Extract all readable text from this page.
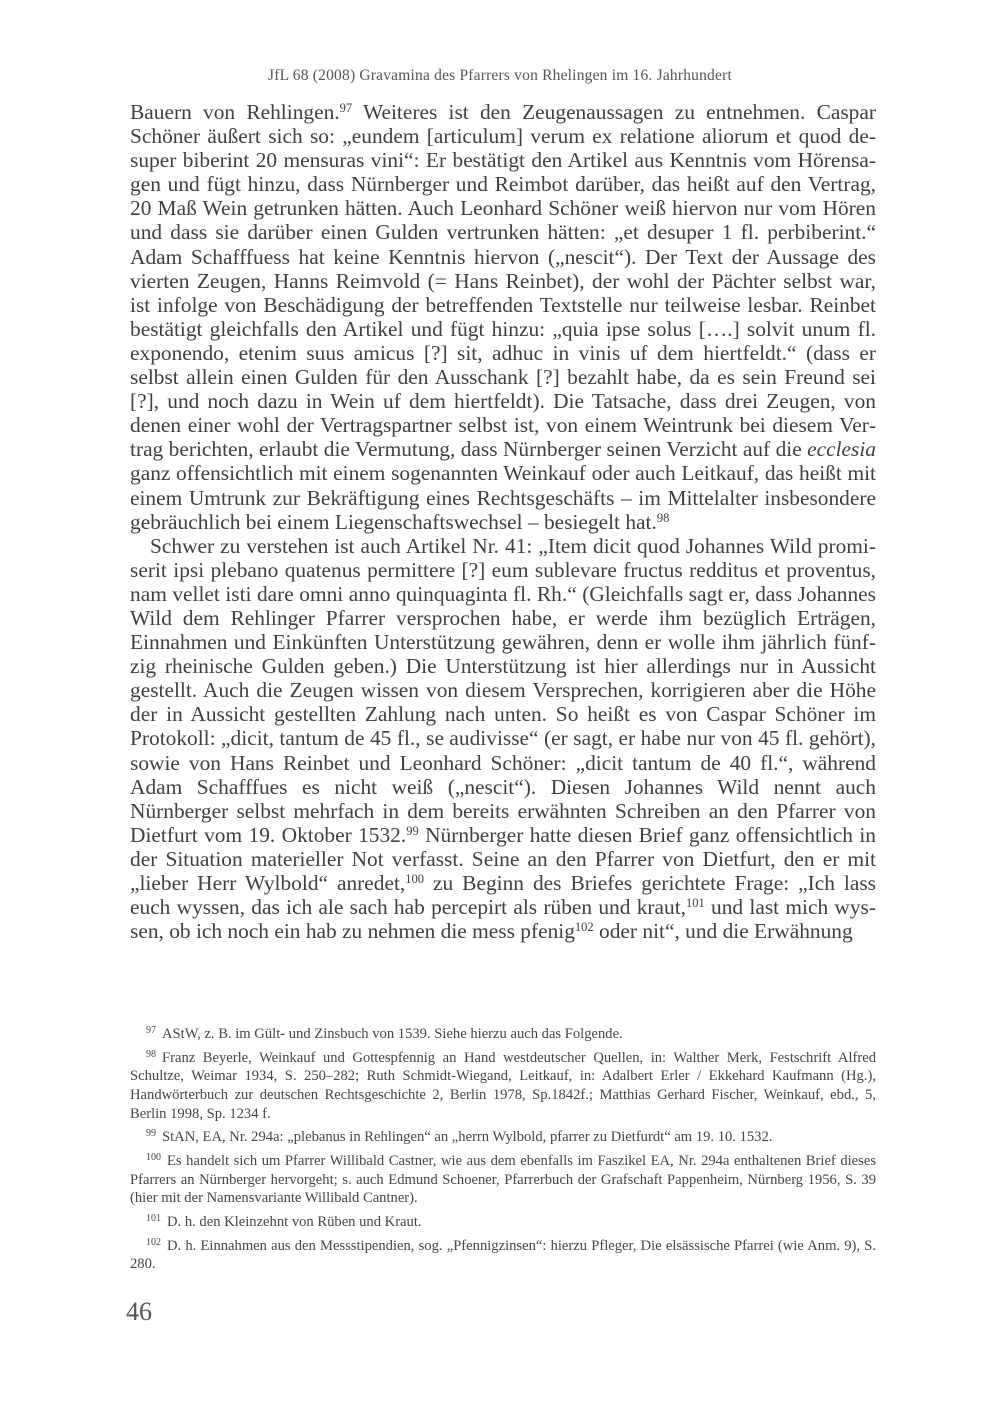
JfL 68 (2008) Gravamina des Pfarrers von Rhelingen im 16. Jahrhundert

Bauern von Rehlingen.$^{97}$ Weiteres ist den Zeugenaussagen zu entnehmen. Caspar Schöner äußert sich so: „eundem [articulum] verum ex relatione aliorum et quod desuper biberint 20 mensuras vini“: Er bestätigt den Artikel aus Kenntnis vom Hörensagen und fügt hinzu, dass Nürnberger und Reimbot darüber, das heißt auf den Vertrag, 20 Maß Wein getrunken hätten. Auch Leonhard Schöner weiß hiervon nur vom Hören und dass sie darüber einen Gulden vertrunken hätten: „et desuper 1 fl. perbiberint.“ Adam Schafffuess hat keine Kenntnis hiervon („nescit“). Der Text der Aussage des vierten Zeugen, Hanns Reimvold (= Hans Reinbet), der wohl der Pächter selbst war, ist infolge von Beschädigung der betreffenden Textstelle nur teilweise lesbar. Reinbet bestätigt gleichfalls den Artikel und fügt hinzu: „quia ipse solus [….] solvit unum fl. exponendo, etenim suus amicus [?] sit, adhuc in vinis uf dem hiertfeldt.“ (dass er selbst allein einen Gulden für den Ausschank [?] bezahlt habe, da es sein Freund sei [?], und noch dazu in Wein uf dem hiertfeldt). Die Tatsache, dass drei Zeugen, von denen einer wohl der Vertragspartner selbst ist, von einem Weintrunk bei diesem Vertrag berichten, erlaubt die Vermutung, dass Nürnberger seinen Verzicht auf die ecclesia ganz offensichtlich mit einem sogenannten Weinkauf oder auch Leitkauf, das heißt mit einem Umtrunk zur Bekräftigung eines Rechtsgeschäfts – im Mittelalter insbesondere gebräuchlich bei einem Liegenschaftswechsel – besiegelt hat.$^{98}$

Schwer zu verstehen ist auch Artikel Nr. 41: „Item dicit quod Johannes Wild promiserit ipsi plebano quatenus permittere [?] eum sublevare fructus redditus et proventus, nam vellet isti dare omni anno quinquaginta fl. Rh.“ (Gleichfalls sagt er, dass Johannes Wild dem Rehlinger Pfarrer versprochen habe, er werde ihm bezüglich Erträgen, Einnahmen und Einkünften Unterstützung gewähren, denn er wolle ihm jährlich fünfzig rheinische Gulden geben.) Die Unterstützung ist hier allerdings nur in Aussicht gestellt. Auch die Zeugen wissen von diesem Versprechen, korrigieren aber die Höhe der in Aussicht gestellten Zahlung nach unten. So heißt es von Caspar Schöner im Protokoll: „dicit, tantum de 45 fl., se audivisse“ (er sagt, er habe nur von 45 fl. gehört), sowie von Hans Reinbet und Leonhard Schöner: „dicit tantum de 40 fl.“, während Adam Schafffues es nicht weiß („nescit“). Diesen Johannes Wild nennt auch Nürnberger selbst mehrfach in dem bereits erwähnten Schreiben an den Pfarrer von Dietfurt vom 19. Oktober 1532.99 Nürnberger hatte diesen Brief ganz offensichtlich in der Situation materieller Not verfasst. Seine an den Pfarrer von Dietfurt, den er mit „lieber Herr Wylbold“ anredet,$^{100}$ zu Beginn des Briefes gerichtete Frage: „Ich lass euch wyssen, das ich ale sach hab percepirt als rüben und kraut,$^{101}$ und last mich wyssen, ob ich noch ein hab zu nehmen die mess pfenig$^{102}$ oder nit“, und die Erwähnung

$^{97}$ AStW, z. B. im Gült- und Zinsbuch von 1539. Siehe hierzu auch das Folgende.

$^{98}$ Franz Beyerle, Weinkauf und Gottespfennig an Hand westdeutscher Quellen, in: Walther Merk, Festschrift Alfred Schultze, Weimar 1934, S. 250–282; Ruth Schmidt-Wiegand, Leitkauf, in: Adalbert Erler / Ekkehard Kaufmann (Hg.), Handwörterbuch zur deutschen Rechtsgeschichte 2, Berlin 1978, Sp.1842f.; Matthias Gerhard Fischer, Weinkauf, ebd., 5, Berlin 1998, Sp. 1234 f.

$^{99}$ StAN, EA, Nr. 294a: „plebanus in Rehlingen“ an „herrn Wylbold, pfarrer zu Dietfurdt“ am 19. 10. 1532.

$^{100}$ Es handelt sich um Pfarrer Willibald Castner, wie aus dem ebenfalls im Faszikel EA, Nr. 294a enthaltenen Brief dieses Pfarrers an Nürnberger hervorgeht; s. auch Edmund Schoener, Pfarrerbuch der Grafschaft Pappenheim, Nürnberg 1956, S. 39 (hier mit der Namensvariante Willibald Cantner).

$^{101}$ D. h. den Kleinzehnt von Rüben und Kraut.

$^{102}$ D. h. Einnahmen aus den Messstipendien, sog. „Pfennigzinsen“: hierzu Pfleger, Die elsässische Pfarrei (wie Anm. 9), S. 280.

46
